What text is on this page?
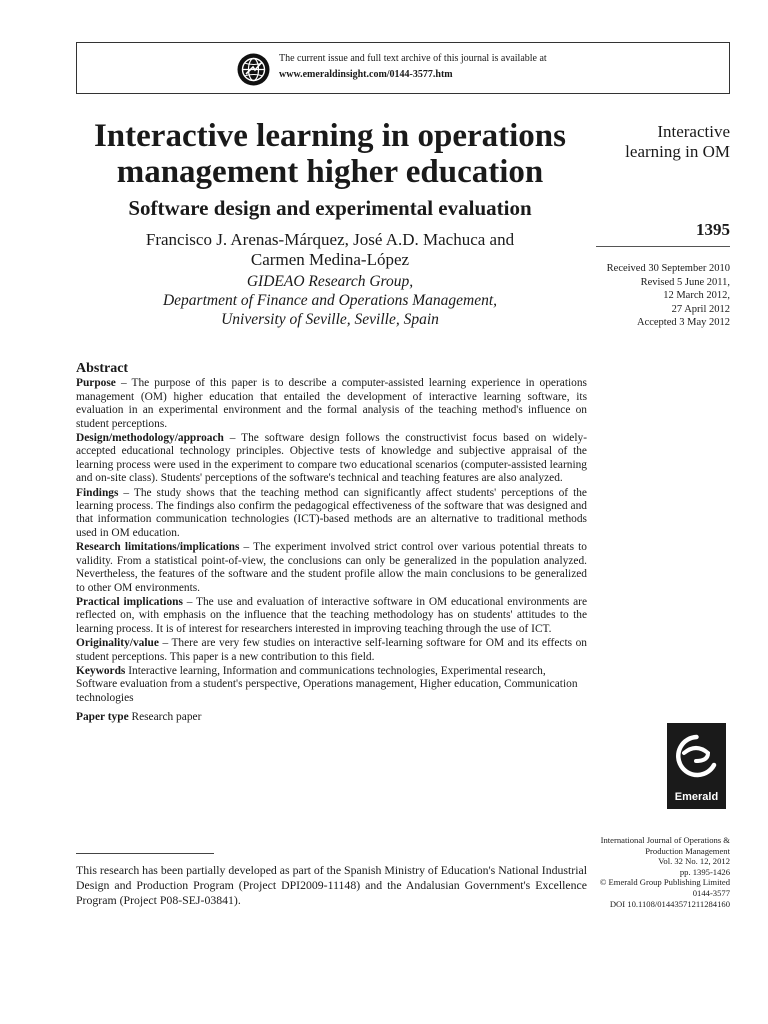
The current issue and full text archive of this journal is available at
www.emeraldinsight.com/0144-3577.htm
Interactive learning in operations management higher education
Software design and experimental evaluation
Francisco J. Arenas-Márquez, José A.D. Machuca and
Carmen Medina-López
GIDEAO Research Group,
Department of Finance and Operations Management,
University of Seville, Seville, Spain
Interactive
learning in OM
1395
Received 30 September 2010
Revised 5 June 2011,
12 March 2012,
27 April 2012
Accepted 3 May 2012
Abstract
Purpose – The purpose of this paper is to describe a computer-assisted learning experience in operations management (OM) higher education that entailed the development of interactive learning software, its evaluation in an experimental environment and the formal analysis of the teaching method's influence on student perceptions.
Design/methodology/approach – The software design follows the constructivist focus based on widely-accepted educational technology principles. Objective tests of knowledge and subjective appraisal of the learning process were used in the experiment to compare two educational scenarios (computer-assisted learning and on-site class). Students' perceptions of the software's technical and teaching features are also analyzed.
Findings – The study shows that the teaching method can significantly affect students' perceptions of the learning process. The findings also confirm the pedagogical effectiveness of the software that was designed and that information communication technologies (ICT)-based methods are an alternative to traditional methods used in OM education.
Research limitations/implications – The experiment involved strict control over various potential threats to validity. From a statistical point-of-view, the conclusions can only be generalized in the population analyzed. Nevertheless, the features of the software and the student profile allow the main conclusions to be generalized to other OM environments.
Practical implications – The use and evaluation of interactive software in OM educational environments are reflected on, with emphasis on the influence that the teaching methodology has on students' attitudes to the learning process. It is of interest for researchers interested in improving teaching through the use of ICT.
Originality/value – There are very few studies on interactive self-learning software for OM and its effects on student perceptions. This paper is a new contribution to this field.
Keywords Interactive learning, Information and communications technologies, Experimental research, Software evaluation from a student's perspective, Operations management, Higher education, Communication technologies
Paper type Research paper
Emerald
This research has been partially developed as part of the Spanish Ministry of Education's National Industrial Design and Production Program (Project DPI2009-11148) and the Andalusian Government's Excellence Program (Project P08-SEJ-03841).
International Journal of Operations &
Production Management
Vol. 32 No. 12, 2012
pp. 1395-1426
© Emerald Group Publishing Limited
0144-3577
DOI 10.1108/01443571211284160
